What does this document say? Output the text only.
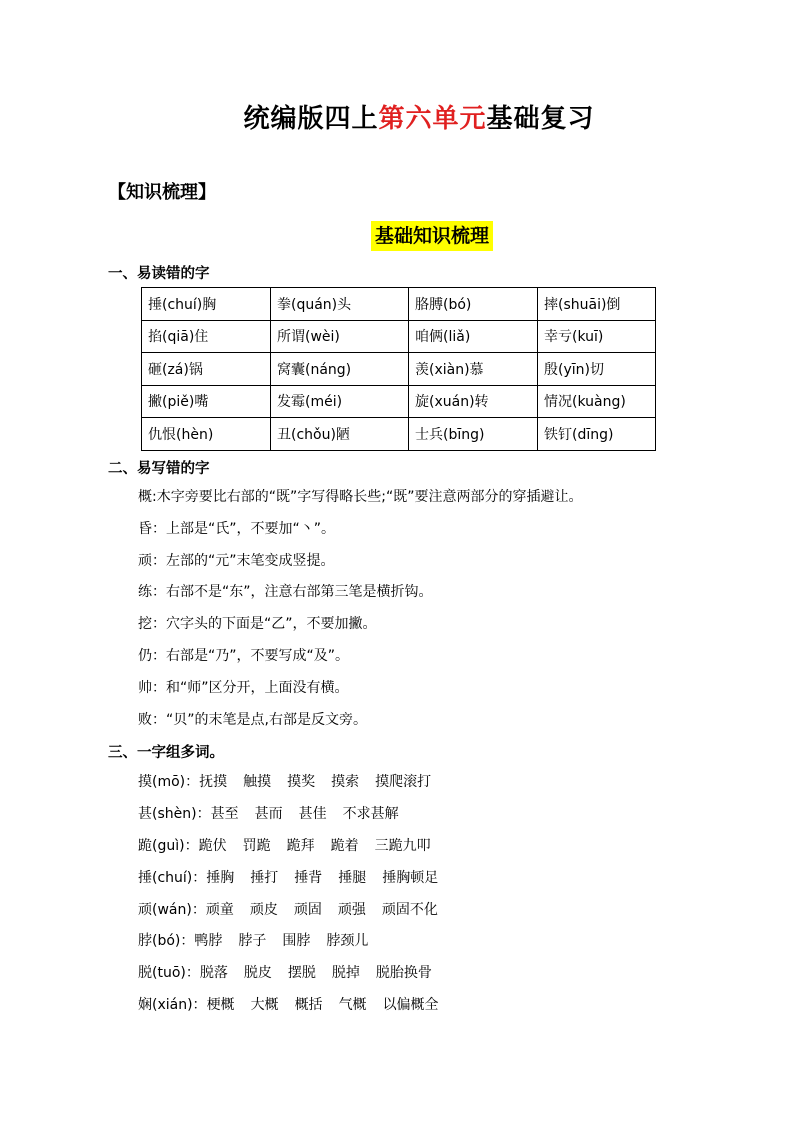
统编版四上第六单元基础复习
【知识梳理】
基础知识梳理
一、易读错的字
捶(chuí)胸	拳(quán)头	胳膊(bó)	摔(shuāi)倒
掐(qiā)住	所谓(wèi)	咱俩(liǎ)	幸亏(kuī)
砸(zá)锅	窝囊(náng)	羡(xiàn)慕	殷(yīn)切
撇(piě)嘴	发霉(méi)	旋(xuán)转	情况(kuàng)
仇恨(hèn)	丑(chǒu)陋	士兵(bīng)	铁钉(dīng)
二、易写错的字
概:木字旁要比右部的“既”字写得略长些;“既”要注意两部分的穿插避让。
昏：上部是“氏”，不要加“丶”。
顽：左部的“元”末笔变成竖提。
练：右部不是“东”，注意右部第三笔是横折钩。
挖：穴字头的下面是“乙”，不要加撇。
仍：右部是“乃”，不要写成“及”。
帅：和“师”区分开，上面没有横。
败：“贝”的末笔是点,右部是反文旁。
三、一字组多词。
摸(mō)：抚摸 触摸 摸奖 摸索 摸爬滚打
甚(shèn)：甚至 甚而 甚佳 不求甚解
跪(guì)：跪伏 罚跪 跪拜 跪着 三跪九叩
捶(chuí)：捶胸 捶打 捶背 捶腿 捶胸顿足
顽(wán)：顽童 顽皮 顽固 顽强 顽固不化
脖(bó)：鸭脖 脖子 围脖 脖颈儿
脱(tuō)：脱落 脱皮 摆脱 脱掉 脱胎换骨
娴(xián)：梗概 大概 概括 气概 以偏概全
